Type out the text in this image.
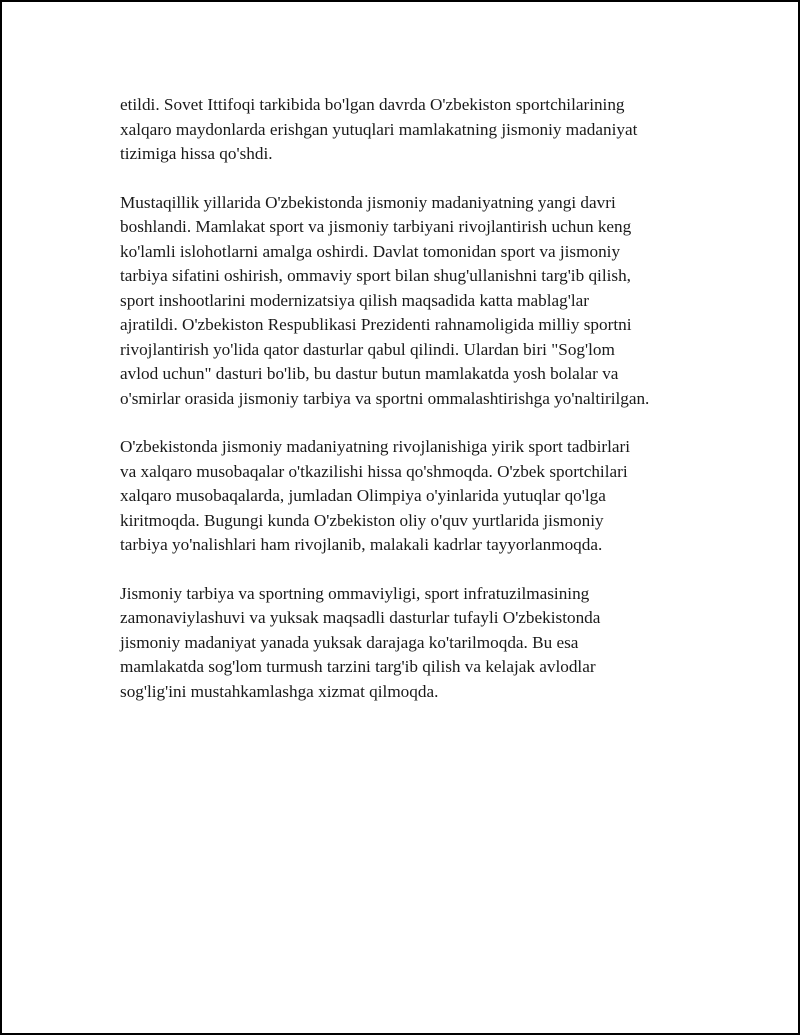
etildi. Sovet Ittifoqi tarkibida bo'lgan davrda O'zbekiston sportchilarining
xalqaro maydonlarda erishgan yutuqlari mamlakatning jismoniy madaniyat
tizimiga hissa qo'shdi.

Mustaqillik yillarida O'zbekistonda jismoniy madaniyatning yangi davri
boshlandi. Mamlakat sport va jismoniy tarbiyani rivojlantirish uchun keng
ko'lamli islohotlarni amalga oshirdi. Davlat tomonidan sport va jismoniy
tarbiya sifatini oshirish, ommaviy sport bilan shug'ullanishni targ'ib qilish,
sport inshootlarini modernizatsiya qilish maqsadida katta mablag'lar
ajratildi. O'zbekiston Respublikasi Prezidenti rahnamoligida milliy sportni
rivojlantirish yo'lida qator dasturlar qabul qilindi. Ulardan biri "Sog'lom
avlod uchun" dasturi bo'lib, bu dastur butun mamlakatda yosh bolalar va
o'smirlar orasida jismoniy tarbiya va sportni ommalashtirishga yo'naltirilgan.

O'zbekistonda jismoniy madaniyatning rivojlanishiga yirik sport tadbirlari
va xalqaro musobaqalar o'tkazilishi hissa qo'shmoqda. O'zbek sportchilari
xalqaro musobaqalarda, jumladan Olimpiya o'yinlarida yutuqlar qo'lga
kiritmoqda. Bugungi kunda O'zbekiston oliy o'quv yurtlarida jismoniy
tarbiya yo'nalishlari ham rivojlanib, malakali kadrlar tayyorlanmoqda.

Jismoniy tarbiya va sportning ommaviyligi, sport infratuzilmasining
zamonaviylashuvi va yuksak maqsadli dasturlar tufayli O'zbekistonda
jismoniy madaniyat yanada yuksak darajaga ko'tarilmoqda. Bu esa
mamlakatda sog'lom turmush tarzini targ'ib qilish va kelajak avlodlar
sog'lig'ini mustahkamlashga xizmat qilmoqda.
